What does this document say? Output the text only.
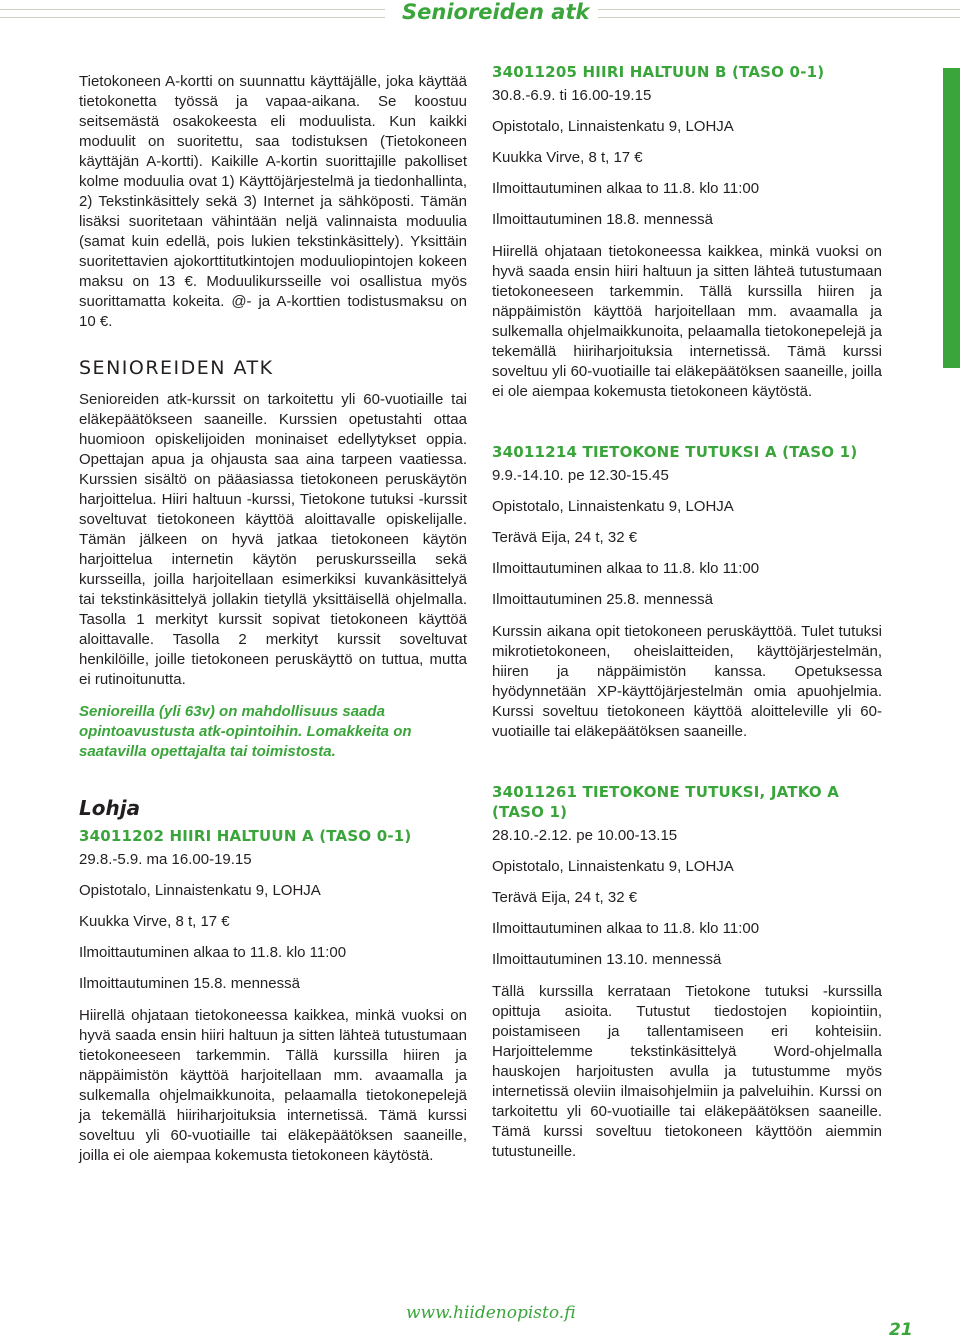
Senioreiden atk

Tietokoneen A-kortti on suunnattu käyttäjälle, joka käyttää tietokonetta työssä ja vapaa-aikana. Se koostuu seitsemästä osakokeesta eli moduulista. Kun kaikki moduulit on suoritettu, saa todistuksen (Tietokoneen käyttäjän A-kortti). Kaikille A-kortin suorittajille pakolliset kolme moduulia ovat 1) Käyttöjärjestelmä ja tiedonhallinta, 2) Tekstinkäsittely sekä 3) Internet ja sähköposti. Tämän lisäksi suoritetaan vähintään neljä valinnaista moduulia (samat kuin edellä, pois lukien tekstinkäsittely). Yksittäin suoritettavien ajokorttitutkintojen moduuliopintojen kokeen maksu on 13 €. Moduulikursseille voi osallistua myös suorittamatta kokeita. @- ja A-korttien todistusmaksu on 10 €.

SENIOREIDEN ATK

Senioreiden atk-kurssit on tarkoitettu yli 60-vuotiaille tai eläkepäätökseen saaneille. Kurssien opetustahti ottaa huomioon opiskelijoiden moninaiset edellytykset oppia. Opettajan apua ja ohjausta saa aina tarpeen vaatiessa. Kurssien sisältö on pääasiassa tietokoneen peruskäytön harjoittelua. Hiiri haltuun -kurssi, Tietokone tutuksi -kurssit soveltuvat tietokoneen käyttöä aloittavalle opiskelijalle. Tämän jälkeen on hyvä jatkaa tietokoneen käytön harjoittelua internetin käytön peruskursseilla sekä kursseilla, joilla harjoitellaan esimerkiksi kuvankäsittelyä tai tekstinkäsittelyä jollakin tietyllä yksittäisellä ohjelmalla. Tasolla 1 merkityt kurssit sopivat tietokoneen käyttöä aloittavalle. Tasolla 2 merkityt kurssit soveltuvat henkilöille, joille tietokoneen peruskäyttö on tuttua, mutta ei rutinoitunutta.

Senioreilla (yli 63v) on mahdollisuus saada opintoavustusta atk-opintoihin. Lomakkeita on saatavilla opettajalta tai toimistosta.

Lohja
34011202 HIIRI HALTUUN A (TASO 0-1)

29.8.-5.9. ma 16.00-19.15

Opistotalo, Linnaistenkatu 9, LOHJA

Kuukka Virve, 8 t, 17 €

Ilmoittautuminen alkaa to 11.8. klo 11:00

Ilmoittautuminen 15.8. mennessä

Hiirellä ohjataan tietokoneessa kaikkea, minkä vuoksi on hyvä saada ensin hiiri haltuun ja sitten lähteä tutustumaan tietokoneeseen tarkemmin. Tällä kurssilla hiiren ja näppäimistön käyttöä harjoitellaan mm. avaamalla ja sulkemalla ohjelmaikkunoita, pelaamalla tietokonepelejä ja tekemällä hiiriharjoituksia internetissä. Tämä kurssi soveltuu yli 60-vuotiaille tai eläkepäätöksen saaneille, joilla ei ole aiempaa kokemusta tietokoneen käytöstä.

34011205 HIIRI HALTUUN B (TASO 0-1)

30.8.-6.9. ti 16.00-19.15

Opistotalo, Linnaistenkatu 9, LOHJA

Kuukka Virve, 8 t, 17 €

Ilmoittautuminen alkaa to 11.8. klo 11:00

Ilmoittautuminen 18.8. mennessä

Hiirellä ohjataan tietokoneessa kaikkea, minkä vuoksi on hyvä saada ensin hiiri haltuun ja sitten lähteä tutustumaan tietokoneeseen tarkemmin. Tällä kurssilla hiiren ja näppäimistön käyttöä harjoitellaan mm. avaamalla ja sulkemalla ohjelmaikkunoita, pelaamalla tietokonepelejä ja tekemällä hiiriharjoituksia internetissä. Tämä kurssi soveltuu yli 60-vuotiaille tai eläkepäätöksen saaneille, joilla ei ole aiempaa kokemusta tietokoneen käytöstä.

34011214 TIETOKONE TUTUKSI A (TASO 1)

9.9.-14.10. pe 12.30-15.45

Opistotalo, Linnaistenkatu 9, LOHJA

Terävä Eija, 24 t, 32 €

Ilmoittautuminen alkaa to 11.8. klo 11:00

Ilmoittautuminen 25.8. mennessä

Kurssin aikana opit tietokoneen peruskäyttöä. Tulet tutuksi mikrotietokoneen, oheislaitteiden, käyttöjärjestelmän, hiiren ja näppäimistön kanssa. Opetuksessa hyödynnetään XP-käyttöjärjestelmän omia apuohjelmia. Kurssi soveltuu tietokoneen käyttöä aloitteleville yli 60-vuotiaille tai eläkepäätöksen saaneille.

34011261 TIETOKONE TUTUKSI, JATKO A (TASO 1)

28.10.-2.12. pe 10.00-13.15

Opistotalo, Linnaistenkatu 9, LOHJA

Terävä Eija, 24 t, 32 €

Ilmoittautuminen alkaa to 11.8. klo 11:00

Ilmoittautuminen 13.10. mennessä

Tällä kurssilla kerrataan Tietokone tutuksi -kurssilla opittuja asioita. Tutustut tiedostojen kopiointiin, poistamiseen ja tallentamiseen eri kohteisiin. Harjoittelemme tekstinkäsittelyä Word-ohjelmalla hauskojen harjoitusten avulla ja tutustumme myös internetissä oleviin ilmaisohjelmiin ja palveluihin. Kurssi on tarkoitettu yli 60-vuotiaille tai eläkepäätöksen saaneille. Tämä kurssi soveltuu tietokoneen käyttöön aiemmin tutustuneille.

www.hiidenopisto.fi
21
